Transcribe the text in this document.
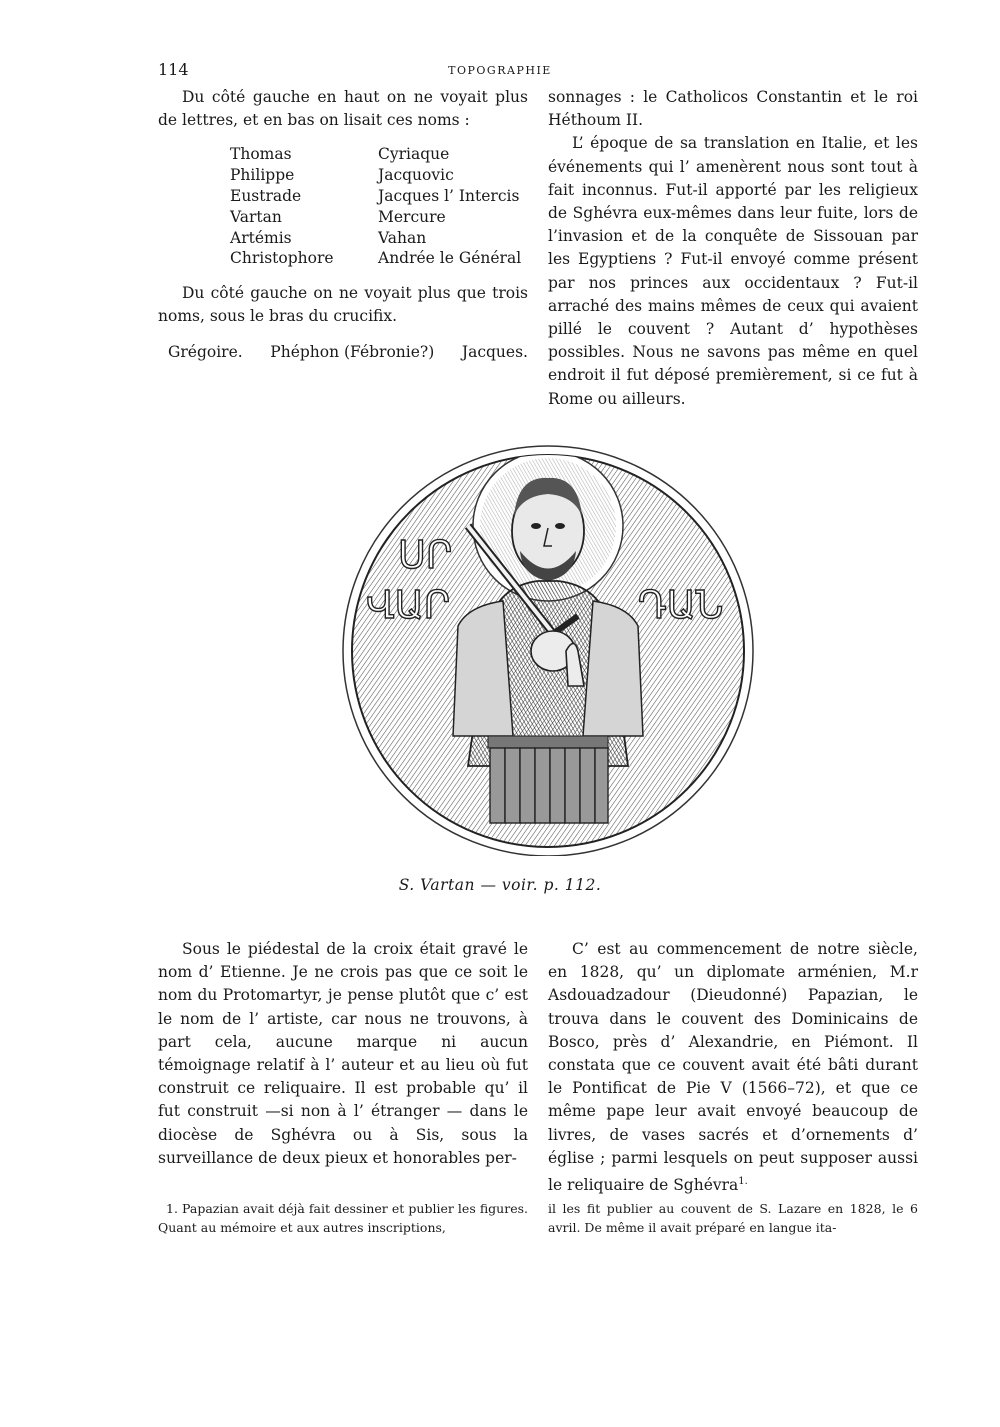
114	TOPOGRAPHIE

Du côté gauche en haut on ne voyait plus de lettres, et en bas on lisait ces noms :

Thomas	Cyriaque
Philippe	Jacquovic
Eustrade	Jacques l’ Intercis
Vartan	Mercure
Artémis	Vahan
Christophore	Andrée le Général

Du côté gauche on ne voyait plus que trois noms, sous le bras du crucifix.

Grégoire. Phéphon (Fébronie?) Jacques.

sonnages : le Catholicos Constantin et le roi Héthoum II.

L’ époque de sa translation en Italie, et les événements qui l’ amenèrent nous sont tout à fait inconnus. Fut-il apporté par les religieux de Sghévra eux-mêmes dans leur fuite, lors de l’invasion et de la conquête de Sissouan par les Egyptiens ? Fut-il envoyé comme présent par nos princes aux occidentaux ? Fut-il arraché des mains mêmes de ceux qui avaient pillé le couvent ? Autant d’ hypothèses possibles. Nous ne savons pas même en quel endroit il fut déposé premièrement, si ce fut à Rome ou ailleurs.

ՍՐ
ՎԱՐ	ԴԱՆ
S. Vartan — voir. p. 112.

Sous le piédestal de la croix était gravé le nom d’ Etienne. Je ne crois pas que ce soit le nom du Protomartyr, je pense plutôt que c’ est le nom de l’ artiste, car nous ne trouvons, à part cela, aucune marque ni aucun témoignage relatif à l’ auteur et au lieu où fut construit ce reliquaire. Il est probable qu’ il fut construit —si non à l’ étranger — dans le diocèse de Sghévra ou à Sis, sous la surveillance de deux pieux et honorables per-

C’ est au commencement de notre siècle, en 1828, qu’ un diplomate arménien, M.r Asdouadzadour (Dieudonné) Papazian, le trouva dans le couvent des Dominicains de Bosco, près d’ Alexandrie, en Piémont. Il constata que ce couvent avait été bâti durant le Pontificat de Pie V (1566–72), et que ce même pape leur avait envoyé beaucoup de livres, de vases sacrés et d’ornements d’ église ; parmi lesquels on peut supposer aussi le reliquaire de Sghévra$^{1.}$

1. Papazian avait déjà fait dessiner et publier les figures. Quant au mémoire et aux autres inscriptions,

il les fit publier au couvent de S. Lazare en 1828, le 6 avril. De même il avait préparé en langue ita-
